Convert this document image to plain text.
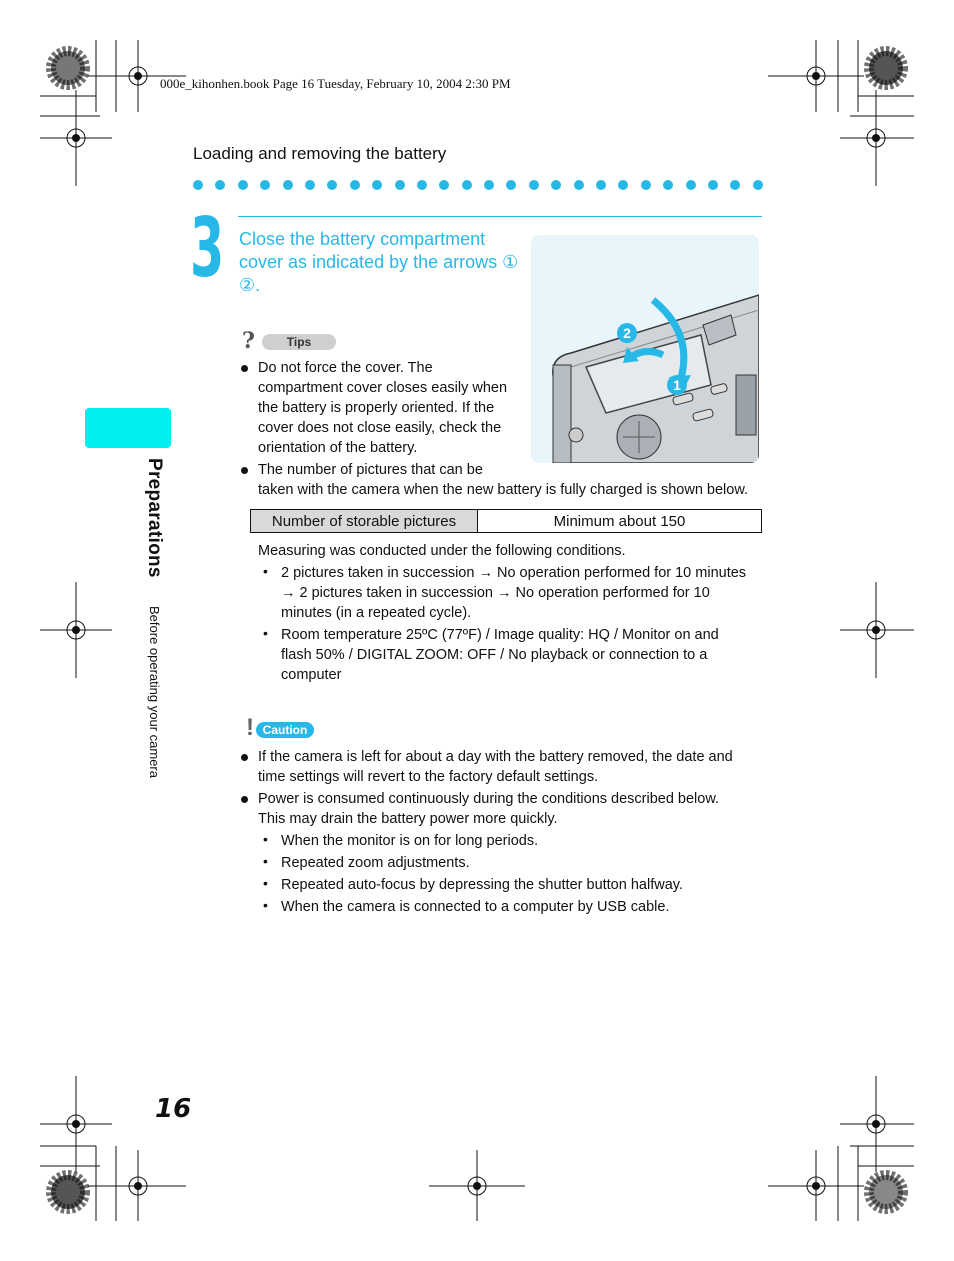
000e_kihonhen.book Page 16 Tuesday, February 10, 2004 2:30 PM
Loading and removing the battery
3 Close the battery compartment cover as indicated by the arrows ① ②.
2
1
?	Tips
Do not force the cover. The compartment cover closes easily when the battery is properly oriented. If the cover does not close easily, check the orientation of the battery.
The number of pictures that can be
taken with the camera when the new battery is fully charged is shown below.
Number of storable pictures	Minimum about 150
Measuring was conducted under the following conditions.
• 2 pictures taken in succession → No operation performed for 10 minutes → 2 pictures taken in succession → No operation performed for 10 minutes (in a repeated cycle).
• Room temperature 25ºC (77ºF) / Image quality: HQ / Monitor on and flash 50% / DIGITAL ZOOM: OFF / No playback or connection to a computer
! Caution
If the camera is left for about a day with the battery removed, the date and time settings will revert to the factory default settings.
Power is consumed continuously during the conditions described below. This may drain the battery power more quickly.
• When the monitor is on for long periods.
• Repeated zoom adjustments.
• Repeated auto-focus by depressing the shutter button halfway.
• When the camera is connected to a computer by USB cable.
Preparations
Before operating your camera
16
